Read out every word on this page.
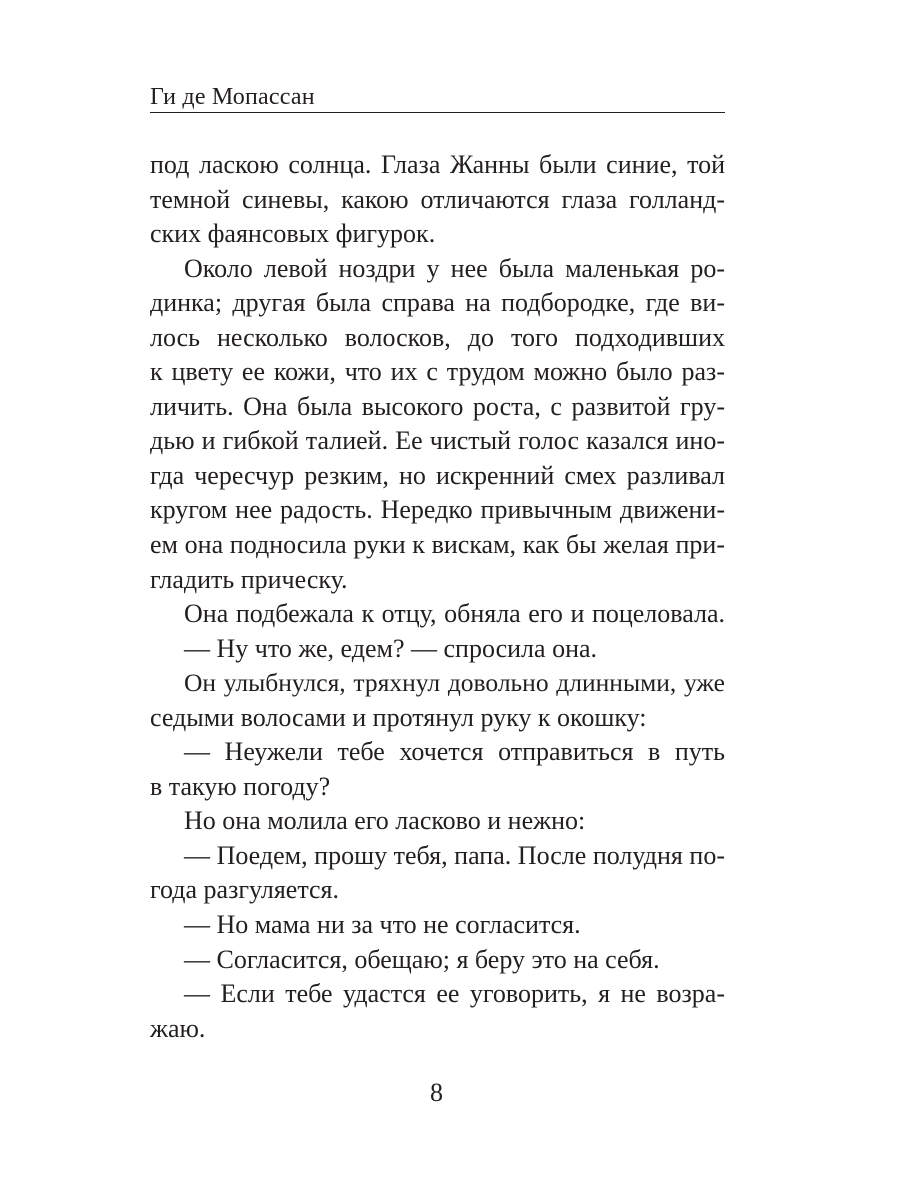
Ги де Мопассан
под ласкою солнца. Глаза Жанны были синие, той
темной синевы, какою отличаются глаза голланд-
ских фаянсовых фигурок.
Около левой ноздри у нее была маленькая ро-
динка; другая была справа на подбородке, где ви-
лось несколько волосков, до того подходивших
к цвету ее кожи, что их с трудом можно было раз-
личить. Она была высокого роста, с развитой гру-
дью и гибкой талией. Ее чистый голос казался ино-
гда чересчур резким, но искренний смех разливал
кругом нее радость. Нередко привычным движени-
ем она подносила руки к вискам, как бы желая при-
гладить прическу.
Она подбежала к отцу, обняла его и поцеловала.
— Ну что же, едем? — спросила она.
Он улыбнулся, тряхнул довольно длинными, уже
седыми волосами и протянул руку к окошку:
— Неужели тебе хочется отправиться в путь
в такую погоду?
Но она молила его ласково и нежно:
— Поедем, прошу тебя, папа. После полудня по-
года разгуляется.
— Но мама ни за что не согласится.
— Согласится, обещаю; я беру это на себя.
— Если тебе удастся ее уговорить, я не возра-
жаю.
8
